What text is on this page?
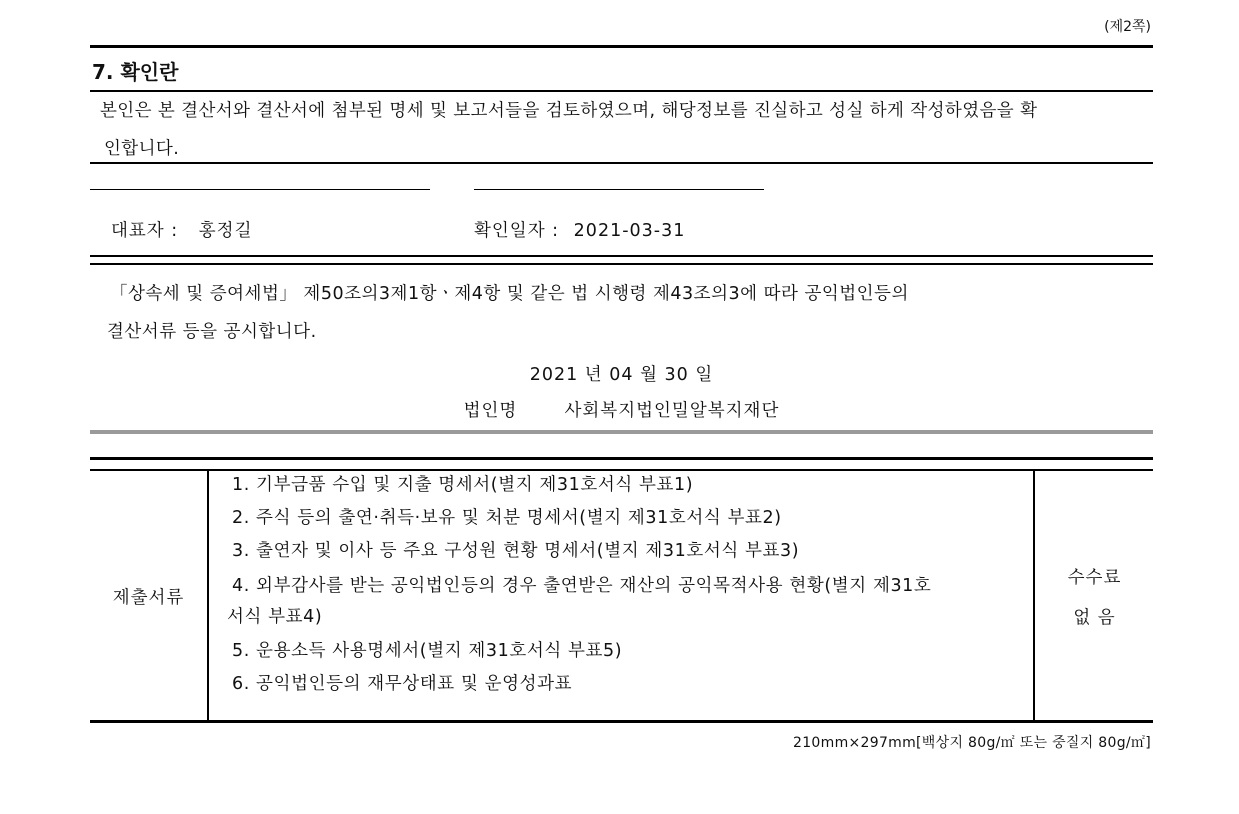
(제2쪽)
7. 확인란
본인은 본 결산서와 결산서에 첨부된 명세 및 보고서들을 검토하였으며, 해당정보를 진실하고 성실 하게 작성하였음을 확
인합니다.
대표자 : 홍정길	확인일자 : 2021-03-31
「상속세 및 증여세법」 제50조의3제1항ㆍ제4항 및 같은 법 시행령 제43조의3에 따라 공익법인등의
결산서류 등을 공시합니다.
2021 년 04 월 30 일
법인명	사회복지법인밀알복지재단
제출서류
1. 기부금품 수입 및 지출 명세서(별지 제31호서식 부표1)
2. 주식 등의 출연·취득·보유 및 처분 명세서(별지 제31호서식 부표2)
3. 출연자 및 이사 등 주요 구성원 현황 명세서(별지 제31호서식 부표3)
4. 외부감사를 받는 공익법인등의 경우 출연받은 재산의 공익목적사용 현황(별지 제31호
서식 부표4)
5. 운용소득 사용명세서(별지 제31호서식 부표5)
6. 공익법인등의 재무상태표 및 운영성과표
수수료
없 음
210mm×297mm[백상지 80g/㎡ 또는 중질지 80g/㎡]
